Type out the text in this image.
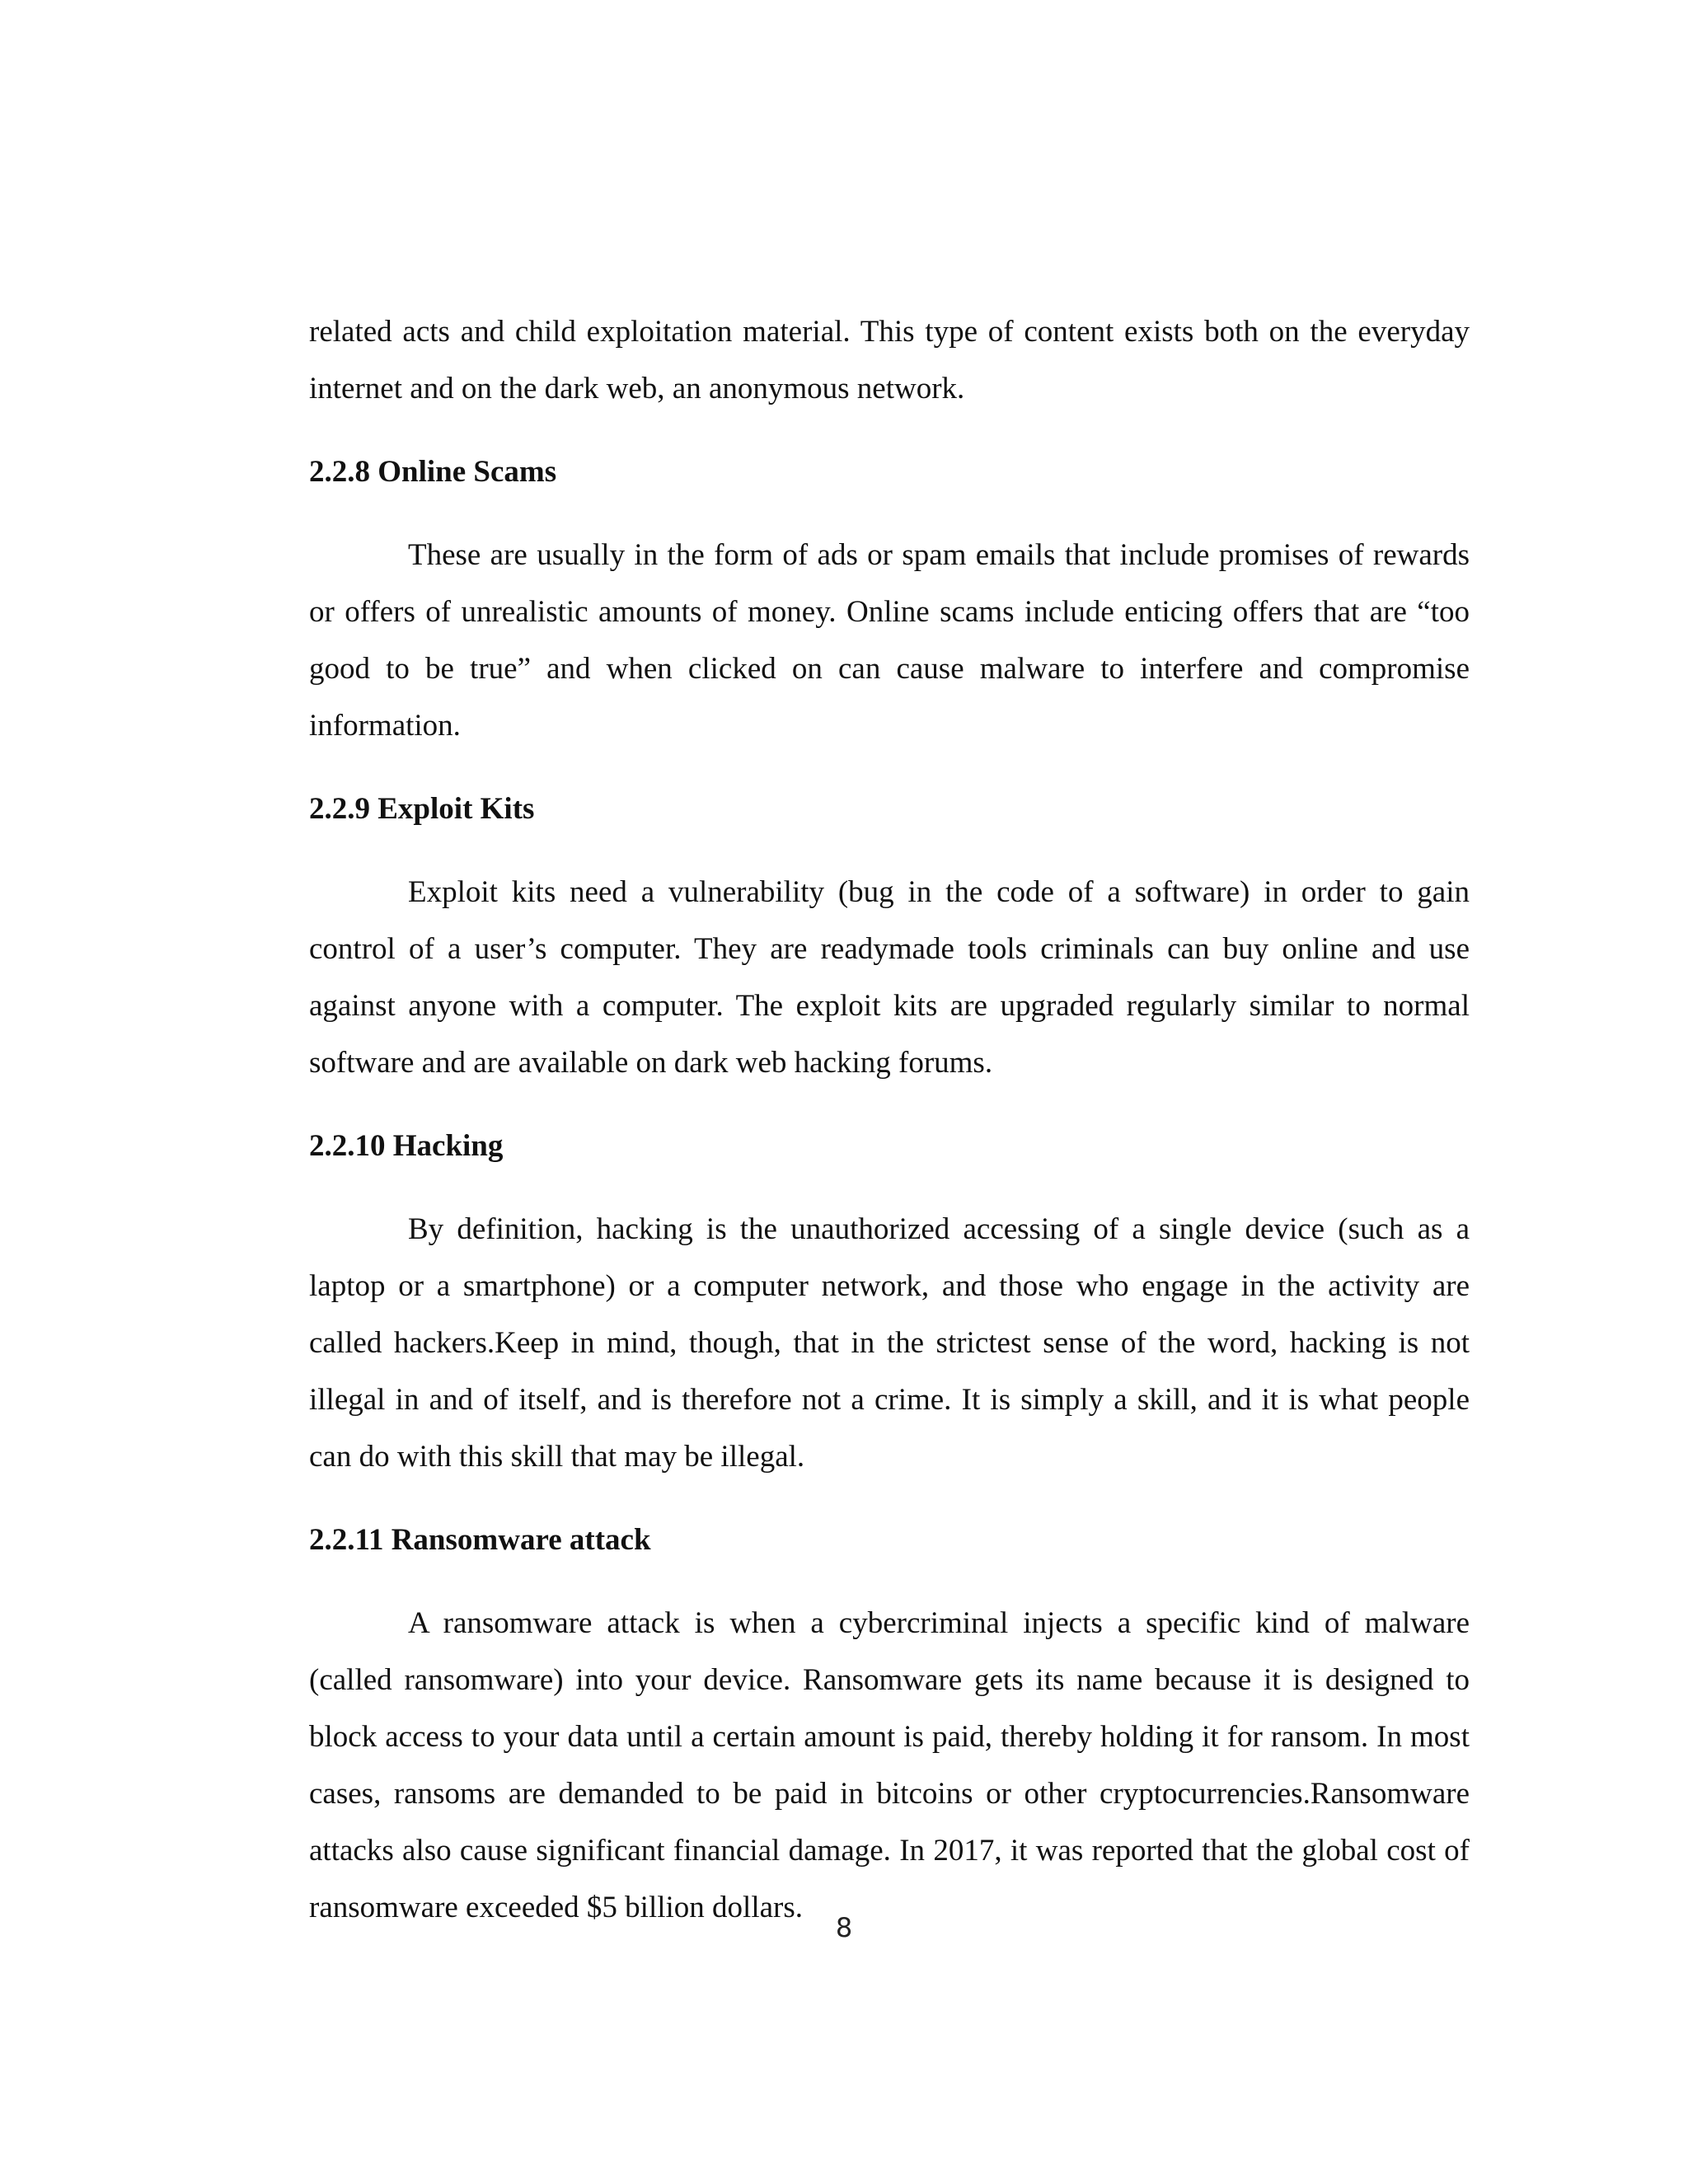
related acts and child exploitation material. This type of content exists both on the everyday internet and on the dark web, an anonymous network.

2.2.8 Online Scams

These are usually in the form of ads or spam emails that include promises of rewards or offers of unrealistic amounts of money. Online scams include enticing offers that are “too good to be true” and when clicked on can cause malware to interfere and compromise information.

2.2.9 Exploit Kits

Exploit kits need a vulnerability (bug in the code of a software) in order to gain control of a user’s computer. They are readymade tools criminals can buy online and use against anyone with a computer. The exploit kits are upgraded regularly similar to normal software and are available on dark web hacking forums.

2.2.10 Hacking

By definition, hacking is the unauthorized accessing of a single device (such as a laptop or a smartphone) or a computer network, and those who engage in the activity are called hackers.Keep in mind, though, that in the strictest sense of the word, hacking is not illegal in and of itself, and is therefore not a crime. It is simply a skill, and it is what people can do with this skill that may be illegal.

2.2.11 Ransomware attack

A ransomware attack is when a cybercriminal injects a specific kind of malware (called ransomware) into your device. Ransomware gets its name because it is designed to block access to your data until a certain amount is paid, thereby holding it for ransom. In most cases, ransoms are demanded to be paid in bitcoins or other cryptocurrencies.Ransomware attacks also cause significant financial damage. In 2017, it was reported that the global cost of ransomware exceeded $5 billion dollars.

8
